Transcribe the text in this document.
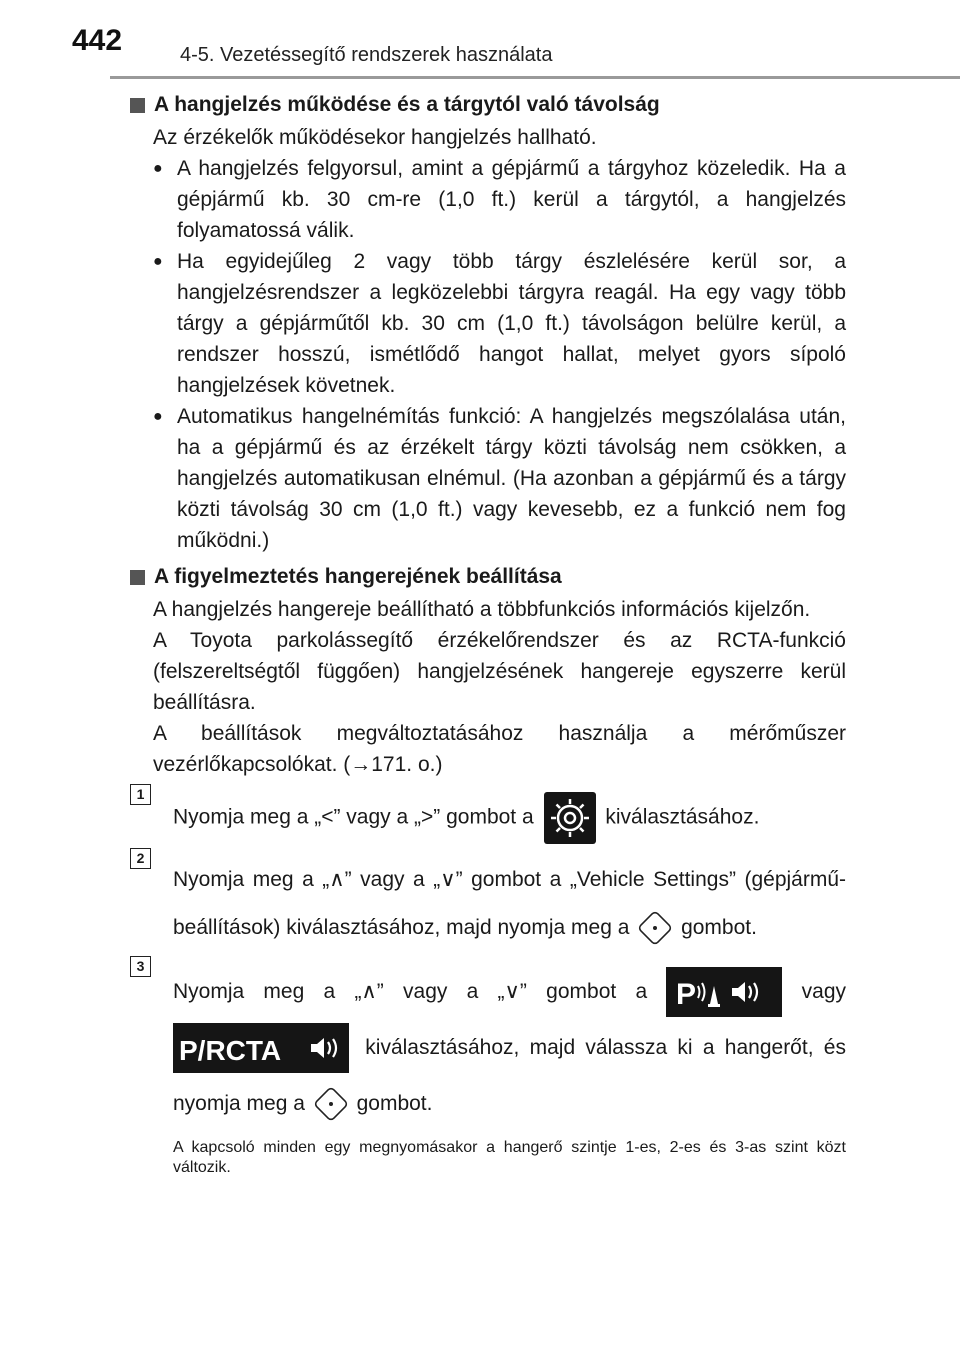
442	4-5. Vezetéssegítő rendszerek használata
A hangjelzés működése és a tárgytól való távolság
Az érzékelők működésekor hangjelzés hallható.
● A hangjelzés felgyorsul, amint a gépjármű a tárgyhoz közeledik. Ha a gépjármű kb. 30 cm-re (1,0 ft.) kerül a tárgytól, a hangjelzés folyamatossá válik.
● Ha egyidejűleg 2 vagy több tárgy észlelésére kerül sor, a hangjelzésrendszer a legközelebbi tárgyra reagál. Ha egy vagy több tárgy a gépjárműtől kb. 30 cm (1,0 ft.) távolságon belülre kerül, a rendszer hosszú, ismétlődő hangot hallat, melyet gyors sípoló hangjelzések követnek.
● Automatikus hangelnémítás funkció: A hangjelzés megszólalása után, ha a gépjármű és az érzékelt tárgy közti távolság nem csökken, a hangjelzés automatikusan elnémul. (Ha azonban a gépjármű és a tárgy közti távolság 30 cm (1,0 ft.) vagy kevesebb, ez a funkció nem fog működni.)
A figyelmeztetés hangerejének beállítása
A hangjelzés hangereje beállítható a többfunkciós információs kijelzőn.
A Toyota parkolássegítő érzékelőrendszer és az RCTA-funkció (felszereltségtől függően) hangjelzésének hangereje egyszerre kerül beállításra.
A beállítások megváltoztatásához használja a mérőműszer vezérlőkapcsolókat. (→171. o.)
1
Nyomja meg a „<” vagy a „>” gombot a	kiválasztásához.
2
Nyomja meg a „∧” vagy a „∨” gombot a „Vehicle Settings” (gépjármű-beállítások) kiválasztásához, majd nyomja meg a gombot.
3
Nyomja meg a „∧” vagy a „∨” gombot a P	vagy
P/RCTA	kiválasztásához, majd válassza ki a hangerőt, és nyomja meg a gombot.
A kapcsoló minden egy megnyomásakor a hangerő szintje 1-es, 2-es és 3-as szint közt változik.
